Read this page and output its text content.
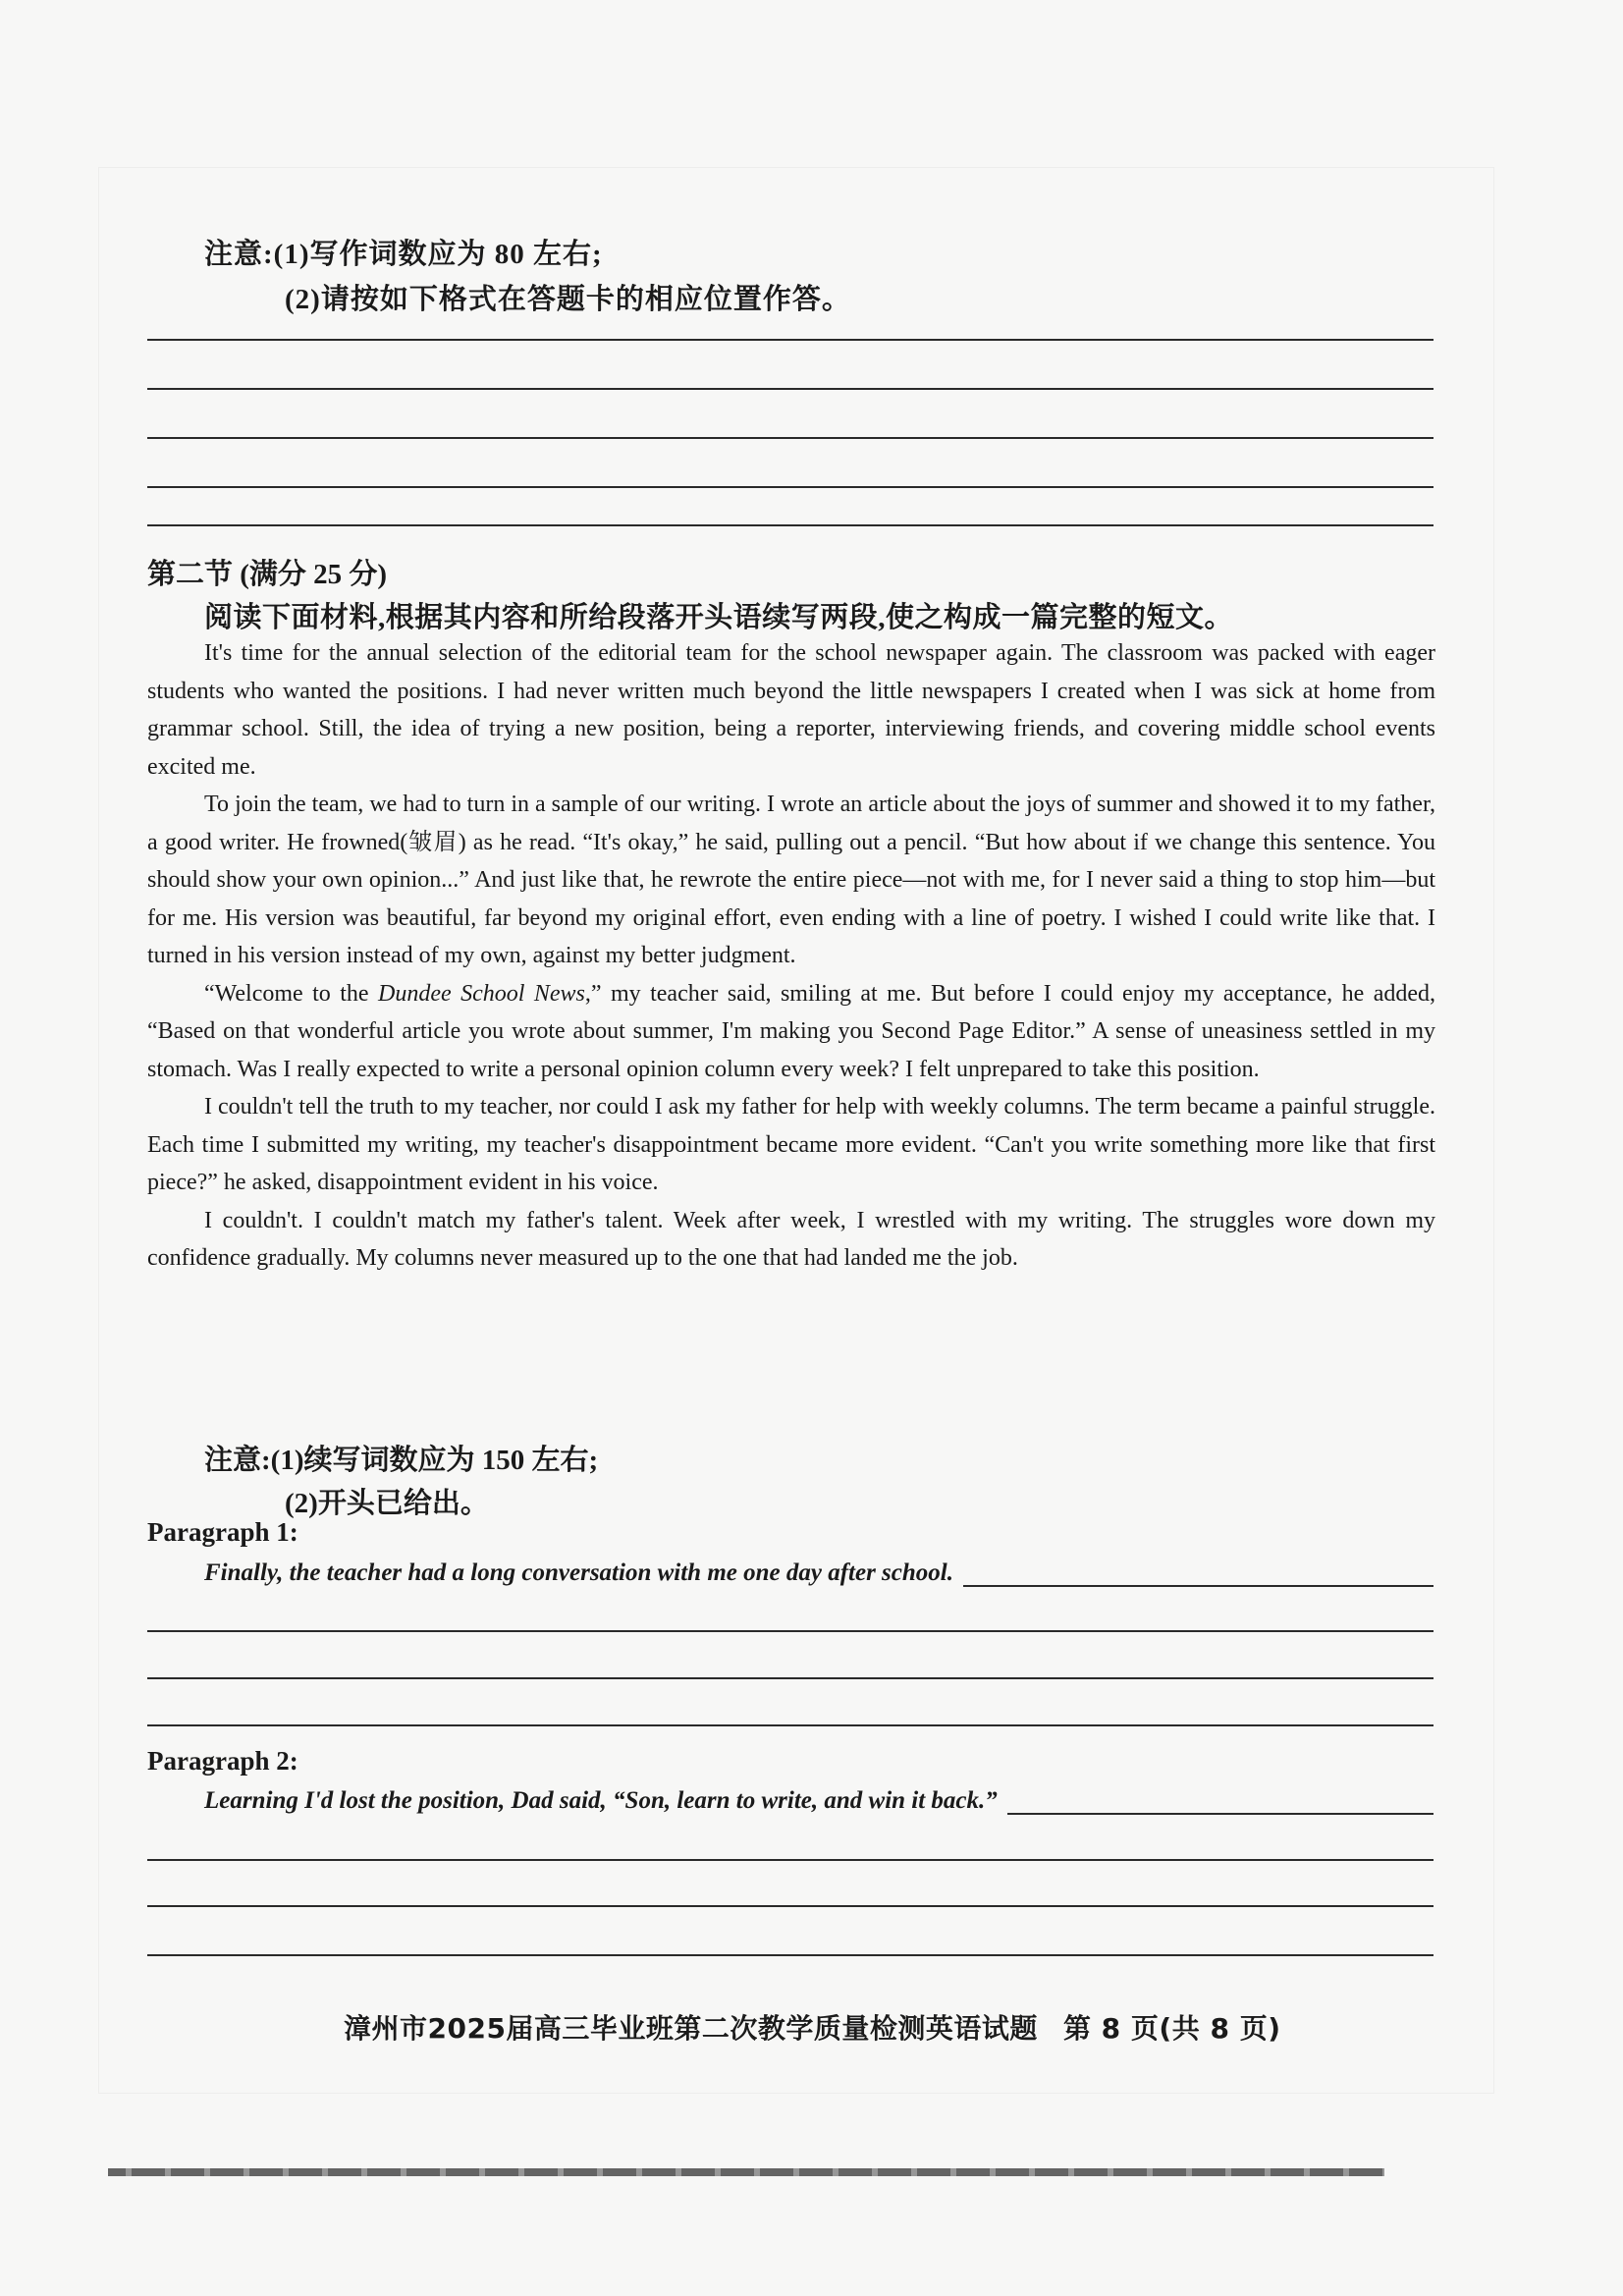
注意:(1)写作词数应为 80 左右;
(2)请按如下格式在答题卡的相应位置作答。
第二节 (满分 25 分)
阅读下面材料,根据其内容和所给段落开头语续写两段,使之构成一篇完整的短文。

It's time for the annual selection of the editorial team for the school newspaper again. The classroom was packed with eager students who wanted the positions. I had never written much beyond the little newspapers I created when I was sick at home from grammar school. Still, the idea of trying a new position, being a reporter, interviewing friends, and covering middle school events excited me.

To join the team, we had to turn in a sample of our writing. I wrote an article about the joys of summer and showed it to my father, a good writer. He frowned(皱眉) as he read. “It's okay,” he said, pulling out a pencil. “But how about if we change this sentence. You should show your own opinion...” And just like that, he rewrote the entire piece—not with me, for I never said a thing to stop him—but for me. His version was beautiful, far beyond my original effort, even ending with a line of poetry. I wished I could write like that. I turned in his version instead of my own, against my better judgment.

“Welcome to the Dundee School News,” my teacher said, smiling at me. But before I could enjoy my acceptance, he added, “Based on that wonderful article you wrote about summer, I'm making you Second Page Editor.” A sense of uneasiness settled in my stomach. Was I really expected to write a personal opinion column every week? I felt unprepared to take this position.

I couldn't tell the truth to my teacher, nor could I ask my father for help with weekly columns. The term became a painful struggle. Each time I submitted my writing, my teacher's disappointment became more evident. “Can't you write something more like that first piece?” he asked, disappointment evident in his voice.

I couldn't. I couldn't match my father's talent. Week after week, I wrestled with my writing. The struggles wore down my confidence gradually. My columns never measured up to the one that had landed me the job.

注意:(1)续写词数应为 150 左右;
(2)开头已给出。
Paragraph 1:
Finally, the teacher had a long conversation with me one day after school.
Paragraph 2:
Learning I'd lost the position, Dad said, “Son, learn to write, and win it back.”
漳州市2025届高三毕业班第二次教学质量检测英语试题 第 8 页(共 8 页)
